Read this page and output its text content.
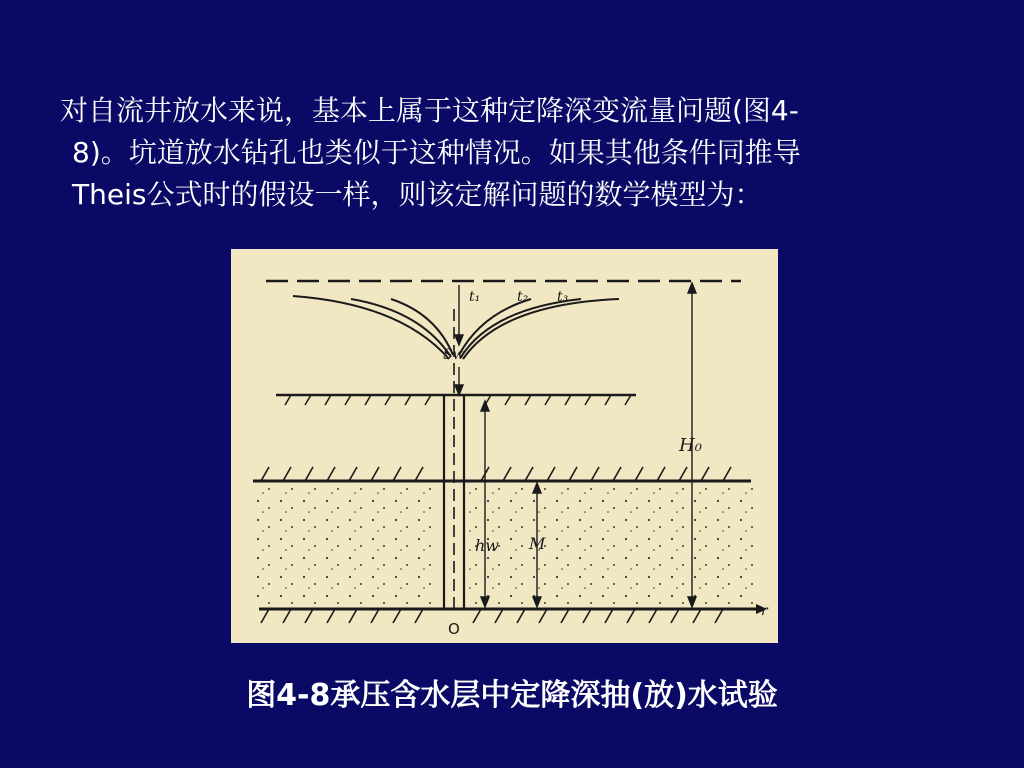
对自流井放水来说，基本上属于这种定降深变流量问题(图4-
8)。坑道放水钻孔也类似于这种情况。如果其他条件同推导
Theis公式时的假设一样，则该定解问题的数学模型为：
t₁	t₂ t₃
Sw
H₀
hw M
r
O
图4-8承压含水层中定降深抽(放)水试验
